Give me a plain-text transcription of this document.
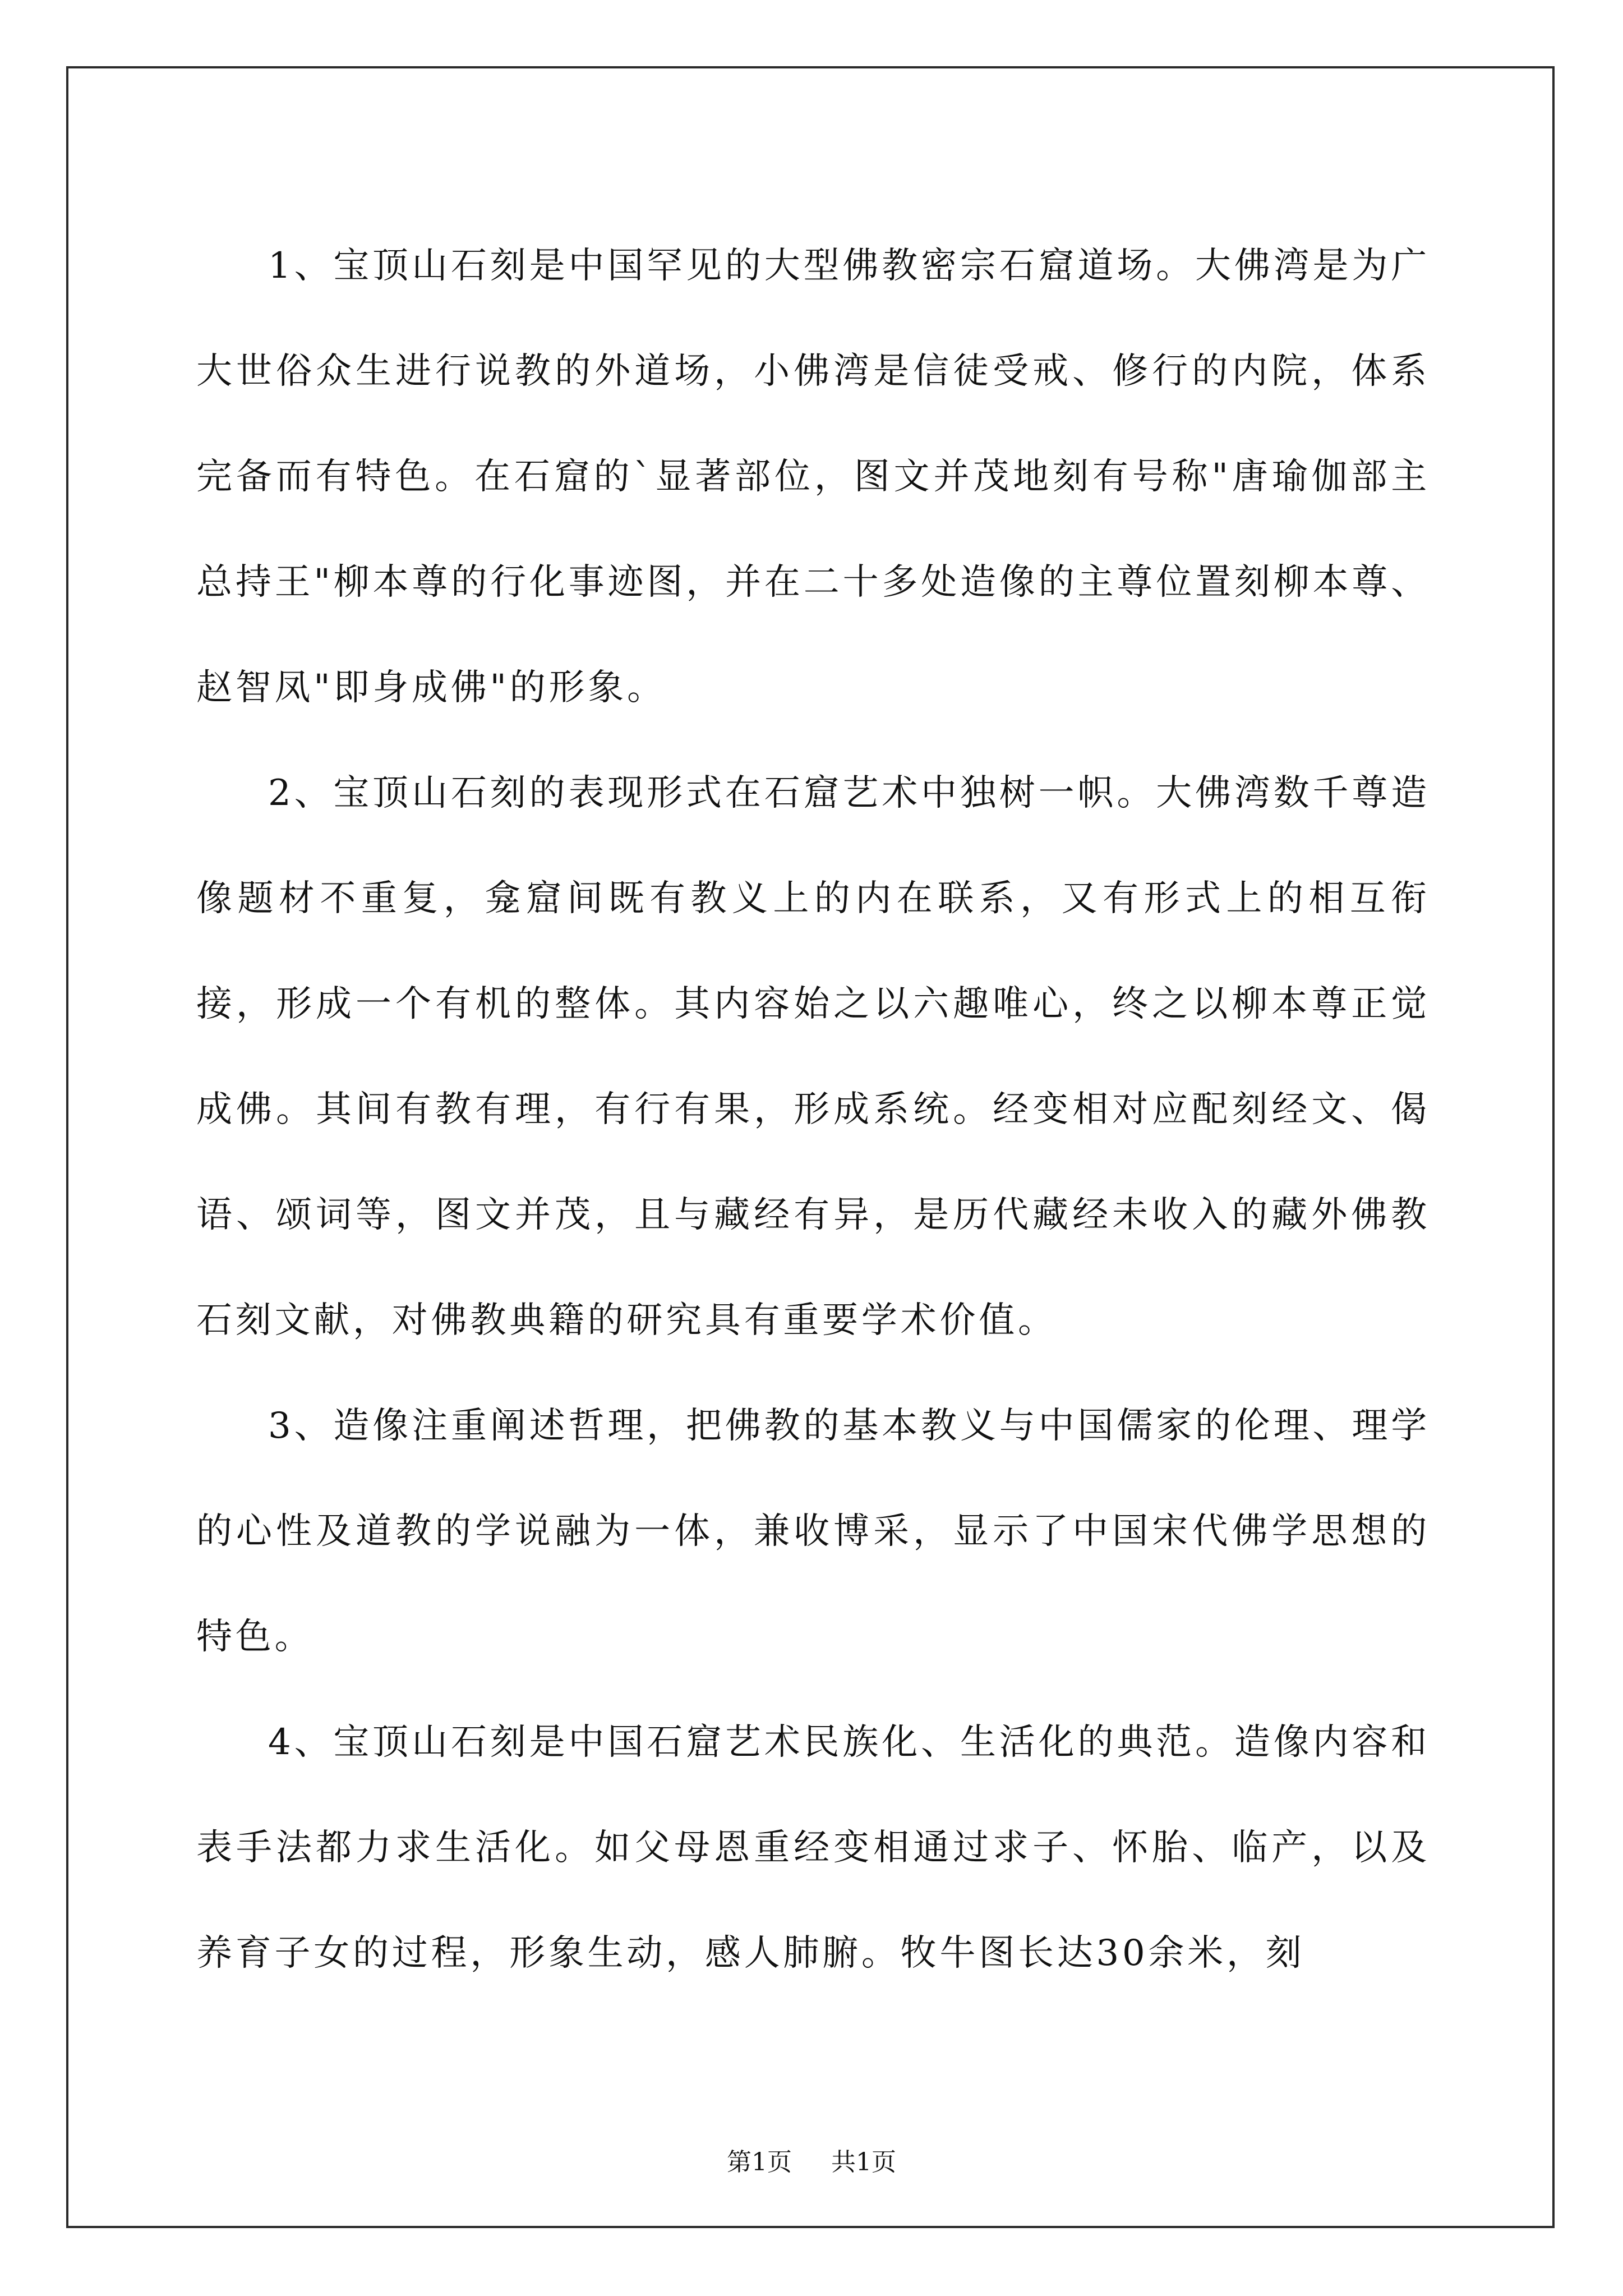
1、宝顶山石刻是中国罕见的大型佛教密宗石窟道场。大佛湾是为广大世俗众生进行说教的外道场，小佛湾是信徒受戒、修行的内院，体系完备而有特色。在石窟的`显著部位，图文并茂地刻有号称"唐瑜伽部主总持王"柳本尊的行化事迹图，并在二十多处造像的主尊位置刻柳本尊、赵智凤"即身成佛"的形象。

2、宝顶山石刻的表现形式在石窟艺术中独树一帜。大佛湾数千尊造像题材不重复，龛窟间既有教义上的内在联系，又有形式上的相互衔接，形成一个有机的整体。其内容始之以六趣唯心，终之以柳本尊正觉成佛。其间有教有理，有行有果，形成系统。经变相对应配刻经文、偈语、颂词等，图文并茂，且与藏经有异，是历代藏经未收入的藏外佛教石刻文献，对佛教典籍的研究具有重要学术价值。

3、造像注重阐述哲理，把佛教的基本教义与中国儒家的伦理、理学的心性及道教的学说融为一体，兼收博采，显示了中国宋代佛学思想的特色。

4、宝顶山石刻是中国石窟艺术民族化、生活化的典范。造像内容和表手法都力求生活化。如父母恩重经变相通过求子、怀胎、临产，以及养育子女的过程，形象生动，感人肺腑。牧牛图长达30余米，刻

第1页 共1页
